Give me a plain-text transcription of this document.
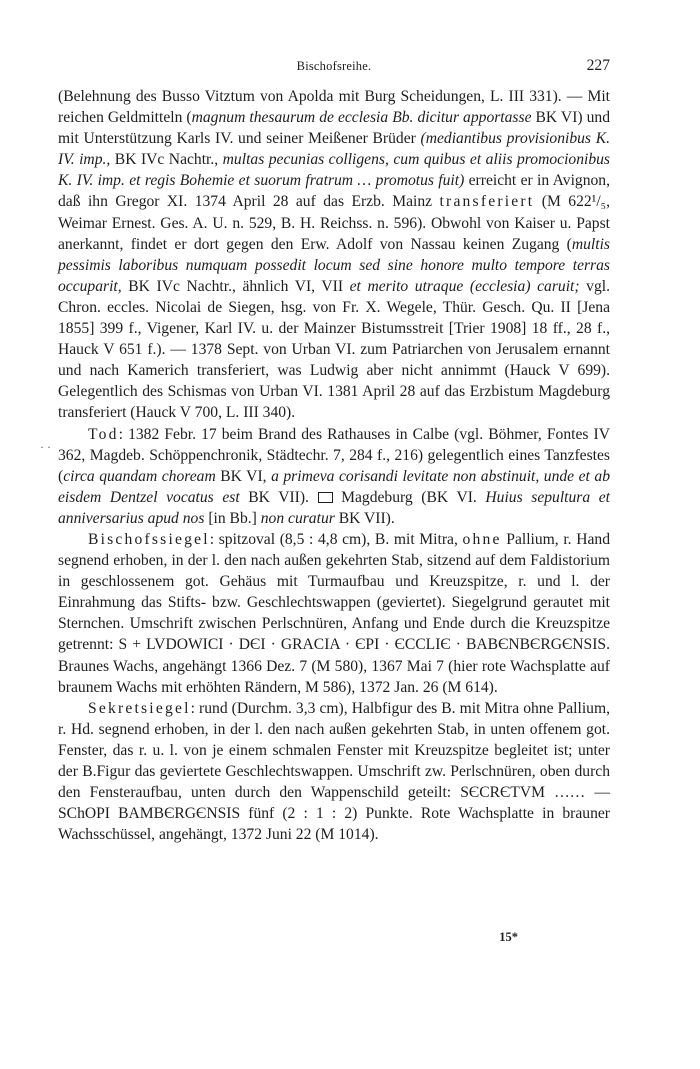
Bischofsreihe.	227
· ·

(Belehnung des Busso Vitztum von Apolda mit Burg Scheidungen, L. III 331). — Mit reichen Geldmitteln (magnum thesaurum de ecclesia Bb. dicitur apportasse BK VI) und mit Unterstützung Karls IV. und seiner Meißener Brüder (mediantibus provisionibus K. IV. imp., BK IVc Nachtr., multas pecunias colligens, cum quibus et aliis promocionibus K. IV. imp. et regis Bohemie et suorum fratrum … promotus fuit) erreicht er in Avignon, daß ihn Gregor XI. 1374 April 28 auf das Erzb. Mainz transferiert (M 622¹/₅, Weimar Ernest. Ges. A. U. n. 529, B. H. Reichss. n. 596). Obwohl von Kaiser u. Papst anerkannt, findet er dort gegen den Erw. Adolf von Nassau keinen Zugang (multis pessimis laboribus numquam possedit locum sed sine honore multo tempore terras occuparit, BK IVc Nachtr., ähnlich VI, VII et merito utraque (ecclesia) caruit; vgl. Chron. eccles. Nicolai de Siegen, hsg. von Fr. X. Wegele, Thür. Gesch. Qu. II [Jena 1855] 399 f., Vigener, Karl IV. u. der Mainzer Bistumsstreit [Trier 1908] 18 ff., 28 f., Hauck V 651 f.). — 1378 Sept. von Urban VI. zum Patriarchen von Jerusalem ernannt und nach Kamerich transferiert, was Ludwig aber nicht annimmt (Hauck V 699). Gelegentlich des Schismas von Urban VI. 1381 April 28 auf das Erzbistum Magdeburg transferiert (Hauck V 700, L. III 340).

Tod: 1382 Febr. 17 beim Brand des Rathauses in Calbe (vgl. Böhmer, Fontes IV 362, Magdeb. Schöppenchronik, Städtechr. 7, 284 f., 216) gelegentlich eines Tanzfestes (circa quandam choream BK VI, a primeva corisandi levitate non abstinuit, unde et ab eisdem Dentzel vocatus est BK VII).  Magdeburg (BK VI. Huius sepultura et anniversarius apud nos [in Bb.] non curatur BK VII).

Bischofssiegel: spitzoval (8,5 : 4,8 cm), B. mit Mitra, ohne Pallium, r. Hand segnend erhoben, in der l. den nach außen gekehrten Stab, sitzend auf dem Faldistorium in geschlossenem got. Gehäus mit Turmaufbau und Kreuzspitze, r. und l. der Einrahmung das Stifts- bzw. Geschlechtswappen (geviertet). Siegelgrund gerautet mit Sternchen. Umschrift zwischen Perlschnüren, Anfang und Ende durch die Kreuzspitze getrennt: S + LVDOWICI · DЄI · GRACIA · ЄPI · ЄCCLIЄ · BABЄNBЄRGЄNSIS. Braunes Wachs, angehängt 1366 Dez. 7 (M 580), 1367 Mai 7 (hier rote Wachsplatte auf braunem Wachs mit erhöhten Rändern, M 586), 1372 Jan. 26 (M 614).

Sekretsiegel: rund (Durchm. 3,3 cm), Halbfigur des B. mit Mitra ohne Pallium, r. Hd. segnend erhoben, in der l. den nach außen gekehrten Stab, in unten offenem got. Fenster, das r. u. l. von je einem schmalen Fenster mit Kreuzspitze begleitet ist; unter der B.Figur das geviertete Geschlechtswappen. Umschrift zw. Perlschnüren, oben durch den Fensteraufbau, unten durch den Wappenschild geteilt: SЄCRЄTVM …… — SChOPI BAMBЄRGЄNSIS fünf (2 : 1 : 2) Punkte. Rote Wachsplatte in brauner Wachsschüssel, angehängt, 1372 Juni 22 (M 1014).

15*
